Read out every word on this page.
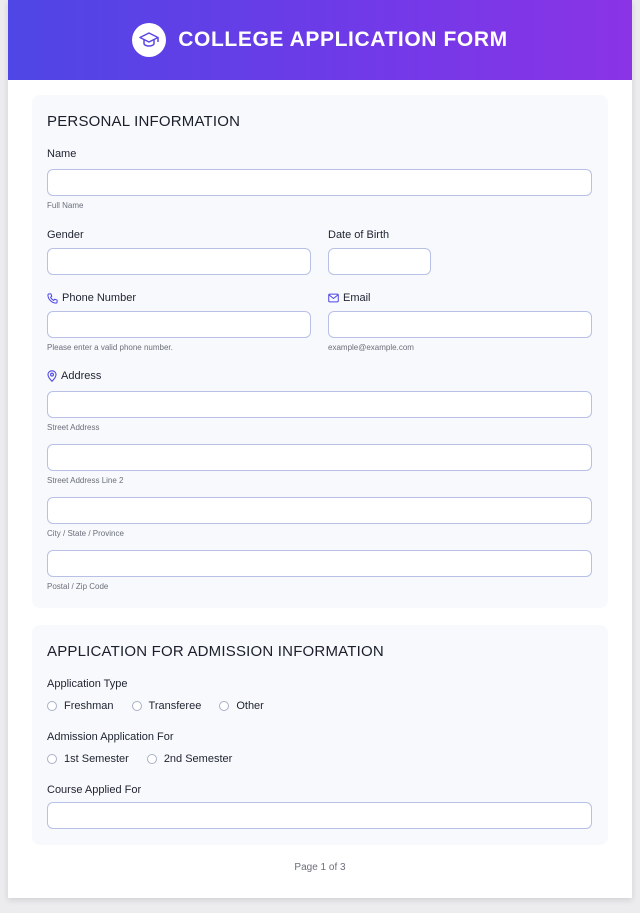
COLLEGE APPLICATION FORM
PERSONAL INFORMATION
Name
Full Name
Gender	Date of Birth
Phone Number
Please enter a valid phone number.
Email
example@example.com
Address
Street Address
Street Address Line 2
City / State / Province
Postal / Zip Code
APPLICATION FOR ADMISSION INFORMATION
Application Type
Freshman	Transferee	Other
Admission Application For
1st Semester	2nd Semester
Course Applied For
Page 1 of 3
